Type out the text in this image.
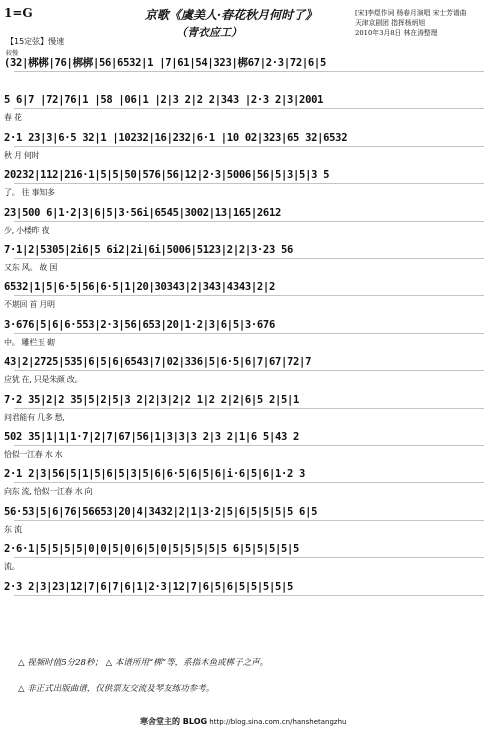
1=G	京歌《虞美人·春花秋月何时了》
（青衣应工）
[宋]李煜作词 杨春月演唱 宋士芳谱曲
天津京剧团 指挥杨炳旭
2010年3月8日 林在涛整理
较慢
【15定弦】慢速
(32|梆梆|76|梆梆|56|6532|1 |7|61|54|323|梆67|2·3|72|6|5
5 6|7 |72|76|1 |58 |06|1 |2|3 2|2 2|343 |2·3 2|3|2001
春 花
2·1 23|3|6·5 32|1 |10232|16|232|6·1 |10 02|323|65 32|6532
秋 月 何时
20232|112|216·1|5|5|50|576|56|12|2·3|5006|56|5|3|5|3 5
了。 往 事知多
23|500 6|1·2|3|6|5|3·56i|6545|3002|13|165|2612
少, 小楼昨 夜
7·1|2|5305|2i6|5 6i2|2i|6i|5006|5123|2|2|3·23 56
又东 风。 故 国
6532|1|5|6·5|56|6·5|1|20|30343|2|343|4343|2|2
不堪回 首 月明
3·676|5|6|6·553|2·3|56|653|20|1·2|3|6|5|3·676
中。 雕栏玉 砌
43|2|2725|535|6|5|6|6543|7|02|336|5|6·5|6|7|67|72|7
应犹 在, 只是朱颜 改。
7·2 35|2|2 35|5|2|5|3 2|2|3|2|2 1|2 2|2|6|5 2|5|1
问君能有 几多 愁,
502 35|1|1|1·7|2|7|67|56|1|3|3|3 2|3 2|1|6 5|43 2
恰似一江春 水 水
2·1 2|3|56|5|1|5|6|5|3|5|6|6·5|6|5|6|i·6|5|6|1·2 3
向东 流, 恰似一江春 水 向
56·53|5|6|76|56653|20|4|3432|2|1|3·2|5|6|5|5|5|5 6|5
东 流
2·6·1|5|5|5|5|0|0|5|0|6|5|0|5|5|5|5|5 6|5|5|5|5|5
流。
2·3 2|3|23|12|7|6|7|6|1|2·3|12|7|6|5|6|5|5|5|5|5
△ 视频时值5分28秒； △ 本谱所用“梆”等，系指木鱼或梆子之声。
△ 非正式出版曲谱，仅供票友交流及琴友练功参考。
寒舍堂主的 BLOG http://blog.sina.com.cn/hanshetangzhu
